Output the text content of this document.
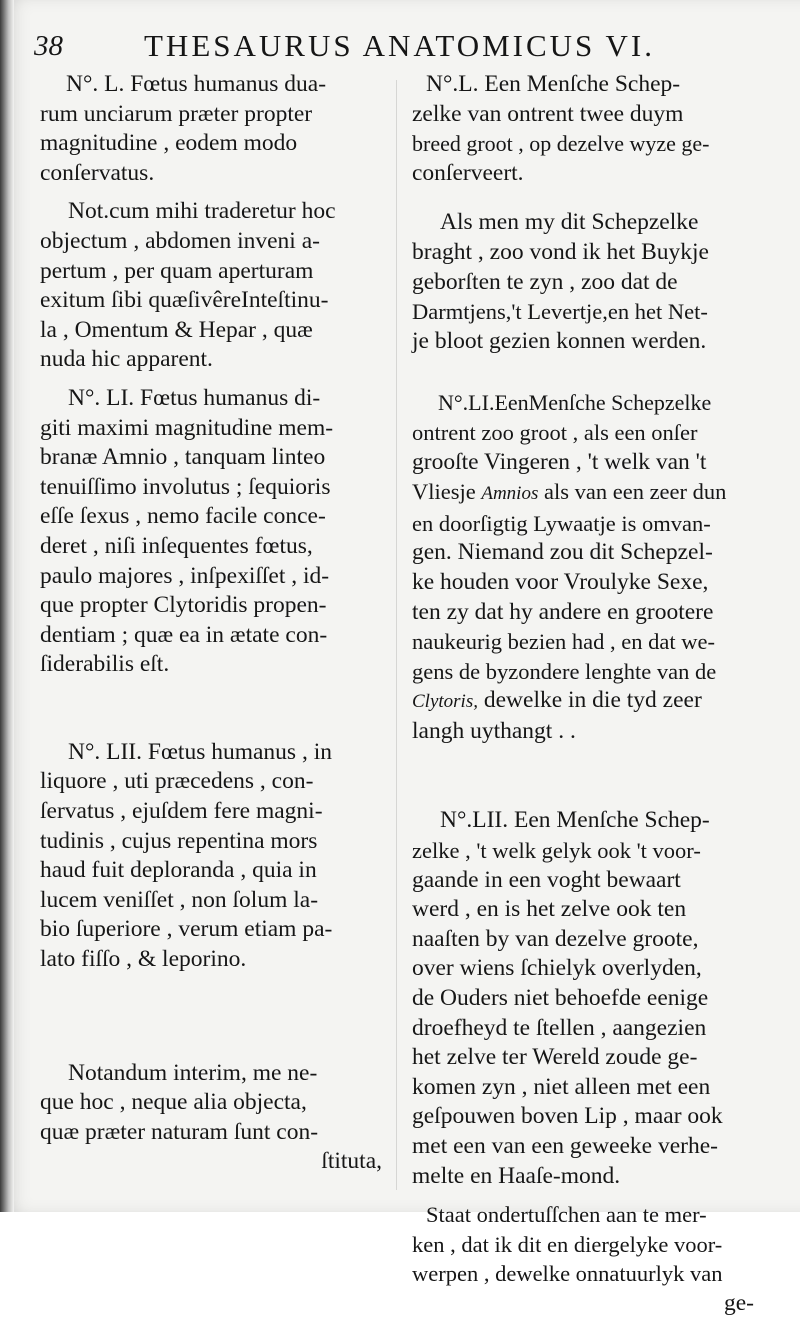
38	THESAURUS ANATOMICUS VI.

N°. L. Fœtus humanus dua-
rum unciarum præter propter
magnitudine , eodem modo
conſervatus.

Not.cum mihi traderetur hoc
objectum , abdomen inveni a-
pertum , per quam aperturam
exitum ſibi quæſivêreInteſtinu-
la , Omentum & Hepar , quæ
nuda hic apparent.

N°. LI. Fœtus humanus di-
giti maximi magnitudine mem-
branæ Amnio , tanquam linteo
tenuiſſimo involutus ; ſequioris
eſſe ſexus , nemo facile conce-
deret , niſi inſequentes fœtus,
paulo majores , inſpexiſſet , id-
que propter Clytoridis propen-
dentiam ; quæ ea in ætate con-
ſiderabilis eſt.

N°. LII. Fœtus humanus , in
liquore , uti præcedens , con-
ſervatus , ejuſdem fere magni-
tudinis , cujus repentina mors
haud fuit deploranda , quia in
lucem veniſſet , non ſolum la-
bio ſuperiore , verum etiam pa-
lato fiſſo , & leporino.

Notandum interim, me ne-
que hoc , neque alia objecta,
quæ præter naturam ſunt con-
ſtituta,

N°.L. Een Menſche Schep-
zelke van ontrent twee duym
breed groot , op dezelve wyze ge-
conſerveert.

Als men my dit Schepzelke
braght , zoo vond ik het Buykje
geborſten te zyn , zoo dat de
Darmtjens,'t Levertje,en het Net-
je bloot gezien konnen werden.

N°.LI.EenMenſche Schepzelke
ontrent zoo groot , als een onſer
grooſte Vingeren , 't welk van 't
Vliesje Amnios als van een zeer dun
en doorſigtig Lywaatje is omvan-
gen. Niemand zou dit Schepzel-
ke houden voor Vroulyke Sexe,
ten zy dat hy andere en grootere
naukeurig bezien had , en dat we-
gens de byzondere lenghte van de
Clytoris, dewelke in die tyd zeer
langh uythangt . .

N°.LII. Een Menſche Schep-
zelke , 't welk gelyk ook 't voor-
gaande in een voght bewaart
werd , en is het zelve ook ten
naaſten by van dezelve groote,
over wiens ſchielyk overlyden,
de Ouders niet behoefde eenige
droefheyd te ſtellen , aangezien
het zelve ter Wereld zoude ge-
komen zyn , niet alleen met een
geſpouwen boven Lip , maar ook
met een van een geweeke verhe-
melte en Haaſe-mond.

Staat ondertuſſchen aan te mer-
ken , dat ik dit en diergelyke voor-
werpen , dewelke onnatuurlyk van
ge-
